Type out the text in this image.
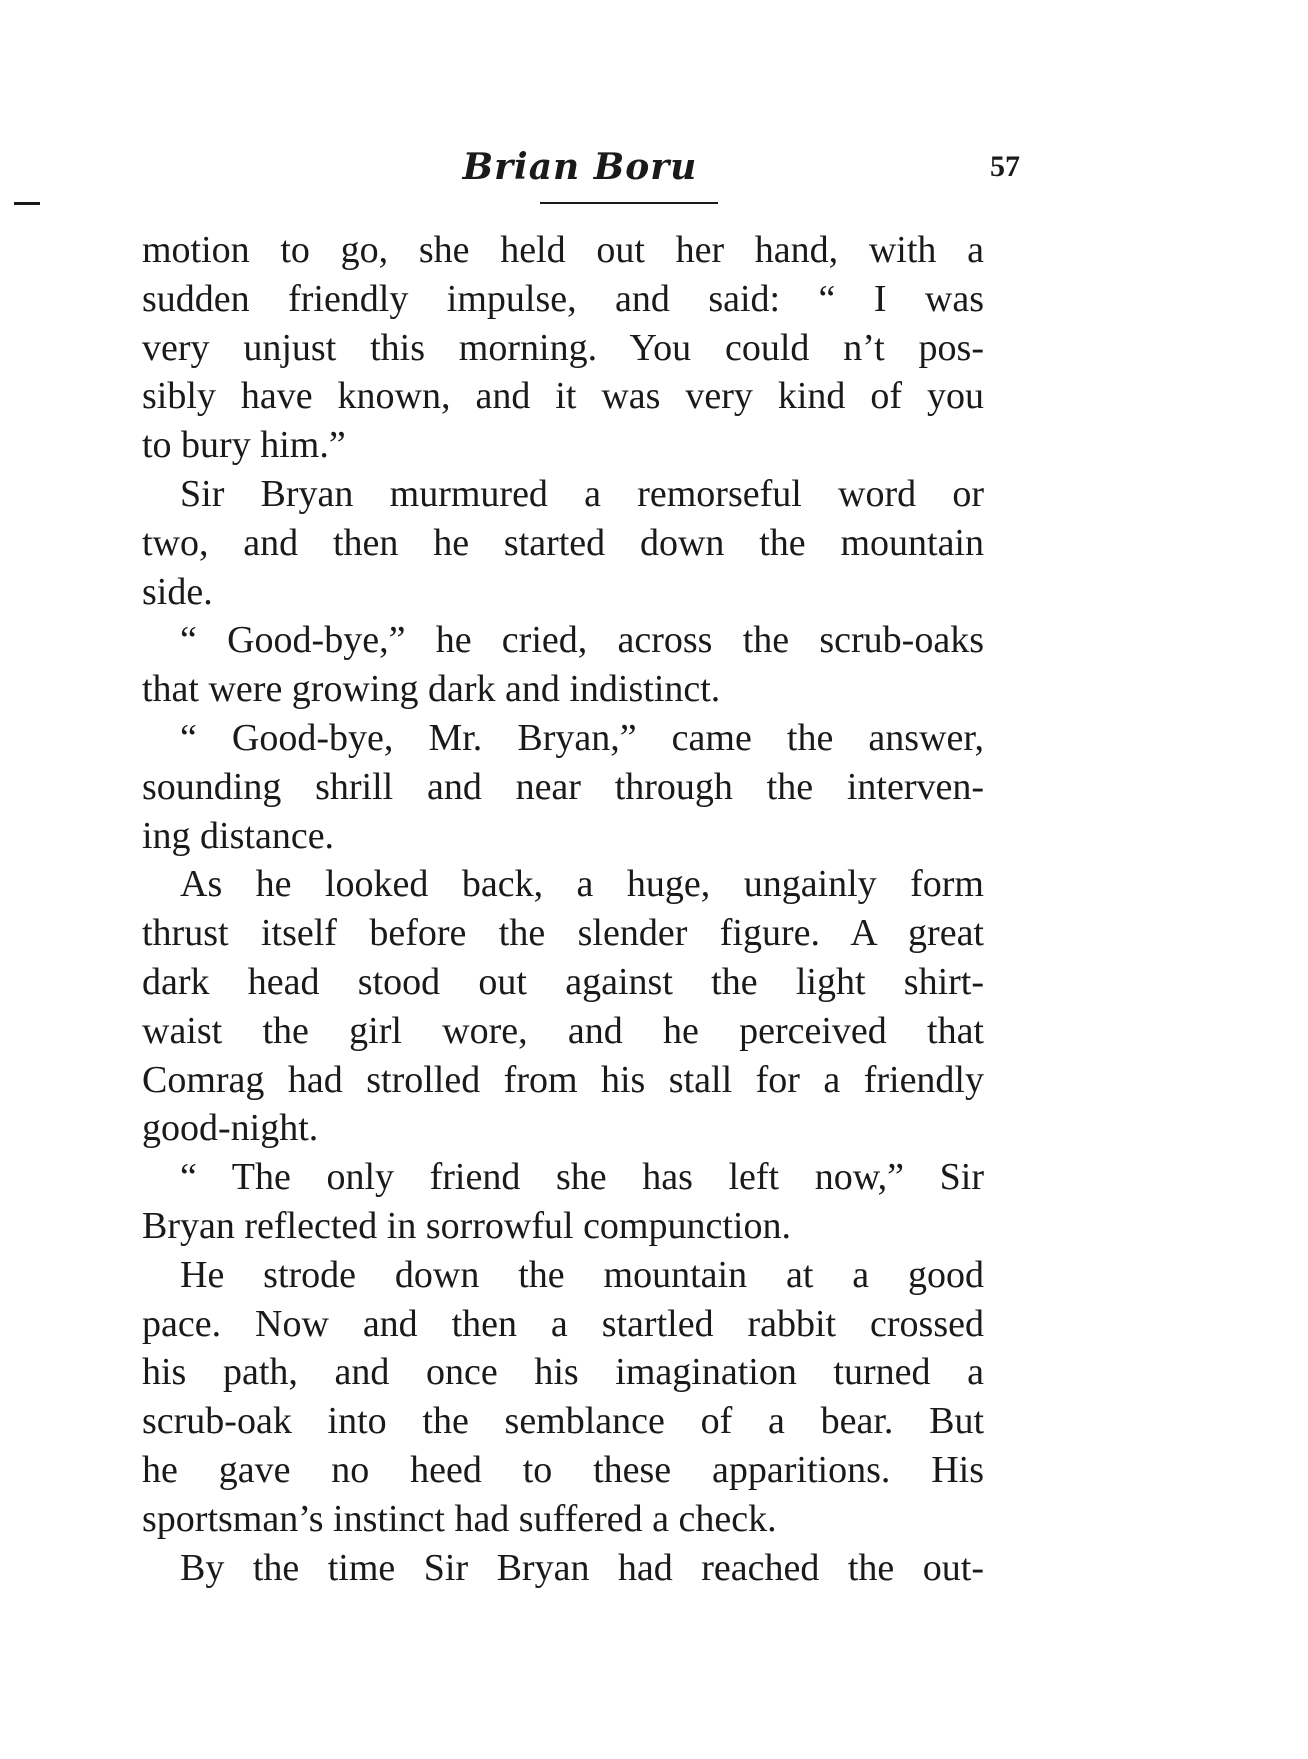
Brian Boru	57
motion to go, she held out her hand, with a
sudden friendly impulse, and said: “ I was
very unjust this morning. You could n’t pos-
sibly have known, and it was very kind of you
to bury him.”
Sir Bryan murmured a remorseful word or
two, and then he started down the mountain
side.
“ Good-bye,” he cried, across the scrub-oaks
that were growing dark and indistinct.
“ Good-bye, Mr. Bryan,” came the answer,
sounding shrill and near through the interven-
ing distance.
As he looked back, a huge, ungainly form
thrust itself before the slender figure. A great
dark head stood out against the light shirt-
waist the girl wore, and he perceived that
Comrag had strolled from his stall for a friendly
good-night.
“ The only friend she has left now,” Sir
Bryan reflected in sorrowful compunction.
He strode down the mountain at a good
pace. Now and then a startled rabbit crossed
his path, and once his imagination turned a
scrub-oak into the semblance of a bear. But
he gave no heed to these apparitions. His
sportsman’s instinct had suffered a check.
By the time Sir Bryan had reached the out-
